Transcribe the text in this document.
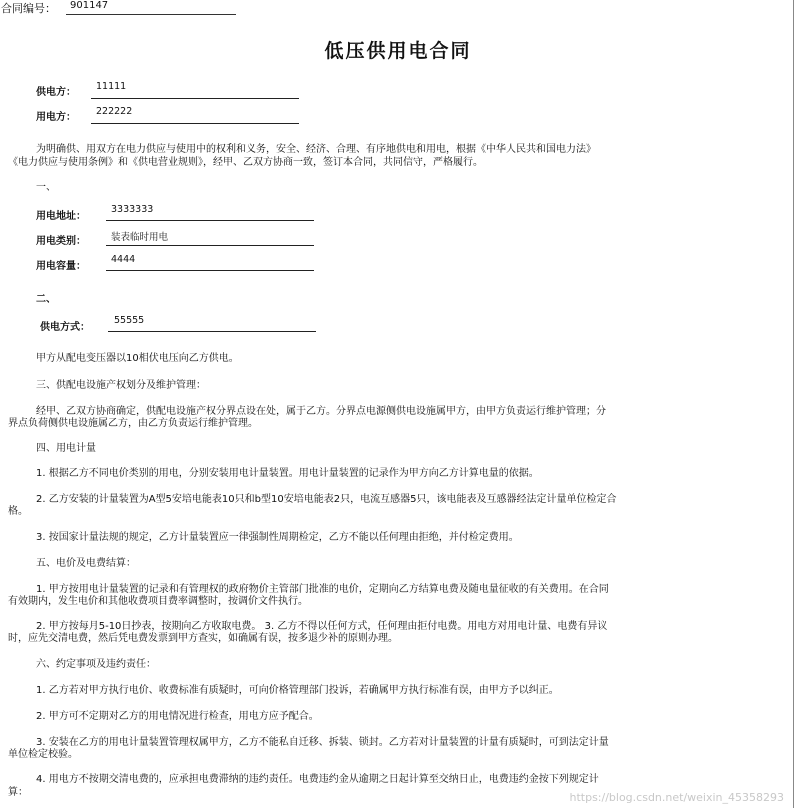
合同编号： 901147
低压供用电合同
供电方：
11111
用电方：
222222
为明确供、用双方在电力供应与使用中的权利和义务，安全、经济、合理、有序地供电和用电，根据《中华人民共和国电力法》
《电力供应与使用条例》和《供电营业规则》，经甲、乙双方协商一致，签订本合同，共同信守，严格履行。
一、
用电地址：
3333333
用电类别：	装表临时用电
用电容量：
4444
二、
供电方式：
55555
甲方从配电变压器以10相伏电压向乙方供电。
三、供配电设施产权划分及维护管理：
经甲、乙双方协商确定，供配电设施产权分界点设在处，属于乙方。分界点电源侧供电设施属甲方，由甲方负责运行维护管理；分
界点负荷侧供电设施属乙方，由乙方负责运行维护管理。
四、用电计量
1. 根据乙方不同电价类别的用电，分别安装用电计量装置。用电计量装置的记录作为甲方向乙方计算电量的依据。
2. 乙方安装的计量装置为A型5安培电能表10只和b型10安培电能表2只，电流互感器5只，该电能表及互感器经法定计量单位检定合
格。
3. 按国家计量法规的规定，乙方计量装置应一律强制性周期检定，乙方不能以任何理由拒绝，并付检定费用。
五、电价及电费结算：
1. 甲方按用电计量装置的记录和有管理权的政府物价主管部门批准的电价，定期向乙方结算电费及随电量征收的有关费用。在合同
有效期内，发生电价和其他收费项目费率调整时，按调价文件执行。
2. 甲方按每月5-10日抄表，按期向乙方收取电费。 3. 乙方不得以任何方式，任何理由拒付电费。用电方对用电计量、电费有异议
时，应先交清电费，然后凭电费发票到甲方查实，如确属有误，按多退少补的原则办理。
六、约定事项及违约责任：
1. 乙方若对甲方执行电价、收费标准有质疑时，可向价格管理部门投诉，若确属甲方执行标准有误，由甲方予以纠正。
2. 甲方可不定期对乙方的用电情况进行检查，用电方应予配合。
3. 安装在乙方的用电计量装置管理权属甲方，乙方不能私自迁移、拆装、锁封。乙方若对计量装置的计量有质疑时，可到法定计量
单位检定校验。
4. 用电方不按期交清电费的，应承担电费滞纳的违约责任。电费违约金从逾期之日起计算至交纳日止，电费违约金按下列规定计
算：	https://blog.csdn.net/weixin_45358293
